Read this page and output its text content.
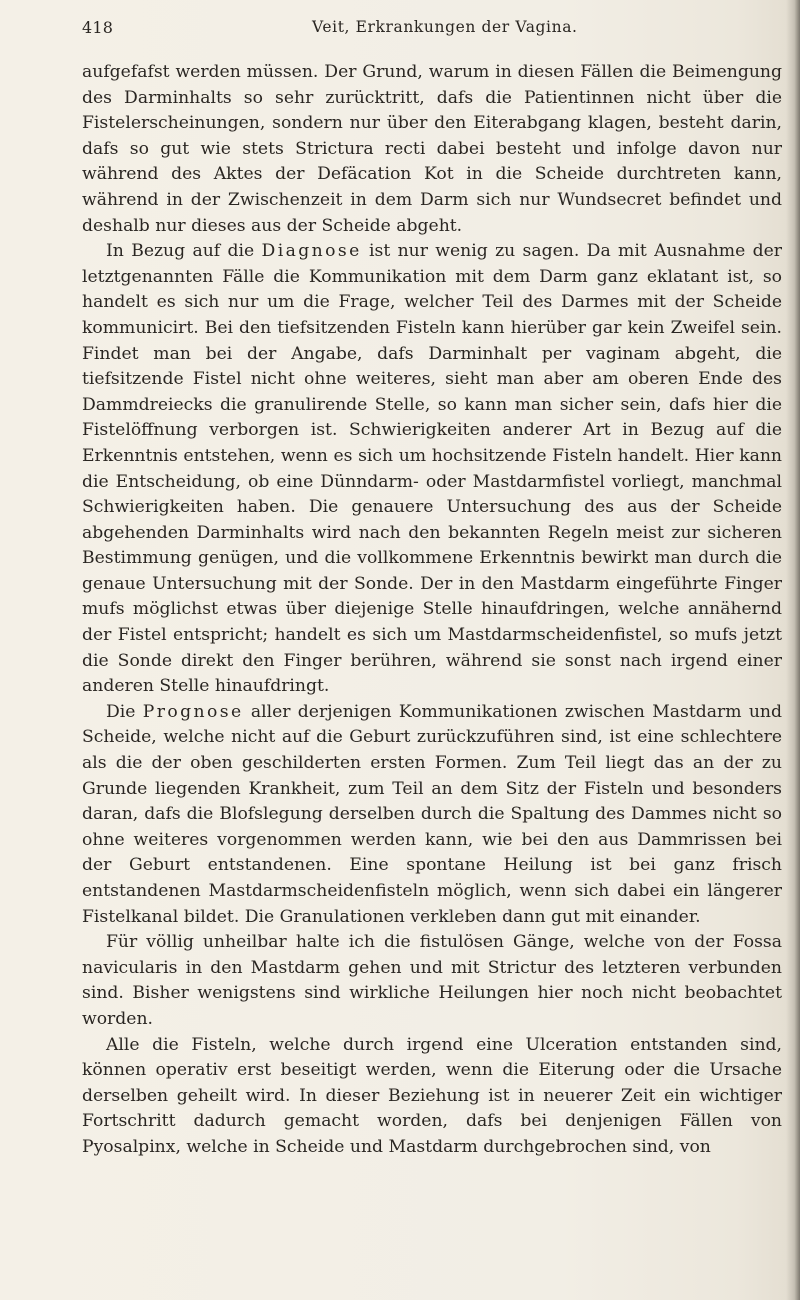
418	Veit, Erkrankungen der Vagina.

aufgefafst werden müssen. Der Grund, warum in diesen Fällen die Beimengung des Darminhalts so sehr zurücktritt, dafs die Patientinnen nicht über die Fistelerscheinungen, sondern nur über den Eiterabgang klagen, besteht darin, dafs so gut wie stets Strictura recti dabei besteht und infolge davon nur während des Aktes der Defäcation Kot in die Scheide durchtreten kann, während in der Zwischenzeit in dem Darm sich nur Wundsecret befindet und deshalb nur dieses aus der Scheide abgeht.

In Bezug auf die Diagnose ist nur wenig zu sagen. Da mit Ausnahme der letztgenannten Fälle die Kommunikation mit dem Darm ganz eklatant ist, so handelt es sich nur um die Frage, welcher Teil des Darmes mit der Scheide kommunicirt. Bei den tiefsitzenden Fisteln kann hierüber gar kein Zweifel sein. Findet man bei der Angabe, dafs Darminhalt per vaginam abgeht, die tiefsitzende Fistel nicht ohne weiteres, sieht man aber am oberen Ende des Dammdreiecks die granulirende Stelle, so kann man sicher sein, dafs hier die Fistelöffnung verborgen ist. Schwierigkeiten anderer Art in Bezug auf die Erkenntnis entstehen, wenn es sich um hochsitzende Fisteln handelt. Hier kann die Entscheidung, ob eine Dünndarm- oder Mastdarmfistel vorliegt, manchmal Schwierigkeiten haben. Die genauere Untersuchung des aus der Scheide abgehenden Darminhalts wird nach den bekannten Regeln meist zur sicheren Bestimmung genügen, und die vollkommene Erkenntnis bewirkt man durch die genaue Untersuchung mit der Sonde. Der in den Mastdarm eingeführte Finger mufs möglichst etwas über diejenige Stelle hinaufdringen, welche annähernd der Fistel entspricht; handelt es sich um Mastdarmscheidenfistel, so mufs jetzt die Sonde direkt den Finger berühren, während sie sonst nach irgend einer anderen Stelle hinaufdringt.

Die Prognose aller derjenigen Kommunikationen zwischen Mastdarm und Scheide, welche nicht auf die Geburt zurückzuführen sind, ist eine schlechtere als die der oben geschilderten ersten Formen. Zum Teil liegt das an der zu Grunde liegenden Krankheit, zum Teil an dem Sitz der Fisteln und besonders daran, dafs die Blofslegung derselben durch die Spaltung des Dammes nicht so ohne weiteres vorgenommen werden kann, wie bei den aus Dammrissen bei der Geburt entstandenen. Eine spontane Heilung ist bei ganz frisch entstandenen Mastdarmscheidenfisteln möglich, wenn sich dabei ein längerer Fistelkanal bildet. Die Granulationen verkleben dann gut mit einander.

Für völlig unheilbar halte ich die fistulösen Gänge, welche von der Fossa navicularis in den Mastdarm gehen und mit Strictur des letzteren verbunden sind. Bisher wenigstens sind wirkliche Heilungen hier noch nicht beobachtet worden.

Alle die Fisteln, welche durch irgend eine Ulceration entstanden sind, können operativ erst beseitigt werden, wenn die Eiterung oder die Ursache derselben geheilt wird. In dieser Beziehung ist in neuerer Zeit ein wichtiger Fortschritt dadurch gemacht worden, dafs bei denjenigen Fällen von Pyosalpinx, welche in Scheide und Mastdarm durchgebrochen sind, von
